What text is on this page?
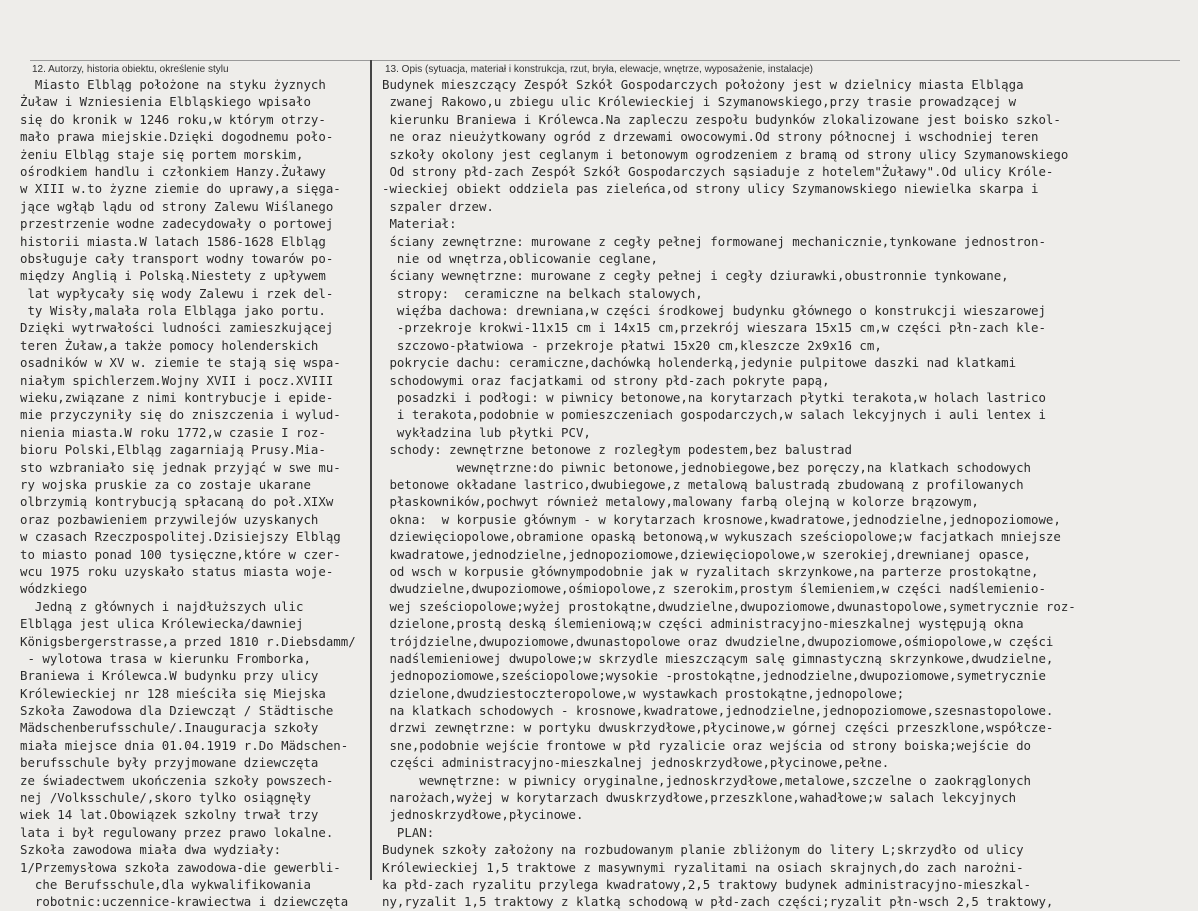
12. Autorzy, historia obiektu, określenie stylu	13. Opis (sytuacja, materiał i konstrukcja, rzut, bryła, elewacje, wnętrze, wyposażenie, instalacje)
Miasto Elbląg położone na styku żyznych
Żuław i Wzniesienia Elbląskiego wpisało
się do kronik w 1246 roku,w którym otrzy-
mało prawa miejskie.Dzięki dogodnemu poło-
żeniu Elbląg staje się portem morskim,
ośrodkiem handlu i członkiem Hanzy.Żuławy
w XIII w.to żyzne ziemie do uprawy,a sięga-
jące wgłąb lądu od strony Zalewu Wiślanego
przestrzenie wodne zadecydowały o portowej
historii miasta.W latach 1586-1628 Elbląg
obsługuje cały transport wodny towarów po-
między Anglią i Polską.Niestety z upływem
lat wypłycały się wody Zalewu i rzek del-
ty Wisły,malała rola Elbląga jako portu.
Dzięki wytrwałości ludności zamieszkującej
teren Żuław,a także pomocy holenderskich
osadników w XV w. ziemie te stają się wspa-
niałym spichlerzem.Wojny XVII i pocz.XVIII
wieku,związane z nimi kontrybucje i epide-
mie przyczyniły się do zniszczenia i wylud-
nienia miasta.W roku 1772,w czasie I roz-
bioru Polski,Elbląg zagarniają Prusy.Mia-
sto wzbraniało się jednak przyjąć w swe mu-
ry wojska pruskie za co zostaje ukarane
olbrzymią kontrybucją spłacaną do poł.XIXw
oraz pozbawieniem przywilejów uzyskanych
w czasach Rzeczpospolitej.Dzisiejszy Elbląg
to miasto ponad 100 tysięczne,które w czer-
wcu 1975 roku uzyskało status miasta woje-
wódzkiego
Jedną z głównych i najdłuższych ulic
Elbląga jest ulica Królewiecka/dawniej
Königsbergerstrasse,a przed 1810 r.Diebsdamm/
- wylotowa trasa w kierunku Fromborka,
Braniewa i Królewca.W budynku przy ulicy
Królewieckiej nr 128 mieściła się Miejska
Szkoła Zawodowa dla Dziewcząt / Städtische
Mädschenberufsschule/.Inauguracja szkoły
miała miejsce dnia 01.04.1919 r.Do Mädschen-
berufsschule były przyjmowane dziewczęta
ze świadectwem ukończenia szkoły powszech-
nej /Volksschule/,skoro tylko osiągnęły
wiek 14 lat.Obowiązek szkolny trwał trzy
lata i był regulowany przez prawo lokalne.
Szkoła zawodowa miała dwa wydziały:
1/Przemysłowa szkoła zawodowa-die gewerbli-
che Berufsschule,dla wykwalifikowania
robotnic:uczennice-krawiectwa i dziewczęta
Budynek mieszczący Zespół Szkół Gospodarczych położony jest w dzielnicy miasta Elbląga
zwanej Rakowo,u zbiegu ulic Królewieckiej i Szymanowskiego,przy trasie prowadzącej w
kierunku Braniewa i Królewca.Na zapleczu zespołu budynków zlokalizowane jest boisko szkol-
ne oraz nieużytkowany ogród z drzewami owocowymi.Od strony północnej i wschodniej teren
szkoły okolony jest ceglanym i betonowym ogrodzeniem z bramą od strony ulicy Szymanowskiego
Od strony płd-zach Zespół Szkół Gospodarczych sąsiaduje z hotelem"Żuławy".Od ulicy Króle-
-wieckiej obiekt oddziela pas zieleńca,od strony ulicy Szymanowskiego niewielka skarpa i
szpaler drzew.
Materiał:
ściany zewnętrzne: murowane z cegły pełnej formowanej mechanicznie,tynkowane jednostron-
nie od wnętrza,oblicowanie ceglane,
ściany wewnętrzne: murowane z cegły pełnej i cegły dziurawki,obustronnie tynkowane,
stropy:  ceramiczne na belkach stalowych,
więźba dachowa: drewniana,w części środkowej budynku głównego o konstrukcji wieszarowej
-przekroje krokwi-11x15 cm i 14x15 cm,przekrój wieszara 15x15 cm,w części płn-zach kle-
szczowo-płatwiowa - przekroje płatwi 15x20 cm,kleszcze 2x9x16 cm,
pokrycie dachu: ceramiczne,dachówką holenderką,jedynie pulpitowe daszki nad klatkami
schodowymi oraz facjatkami od strony płd-zach pokryte papą,
posadzki i podłogi: w piwnicy betonowe,na korytarzach płytki terakota,w holach lastrico
i terakota,podobnie w pomieszczeniach gospodarczych,w salach lekcyjnych i auli lentex i
wykładzina lub płytki PCV,
schody: zewnętrzne betonowe z rozległym podestem,bez balustrad
wewnętrzne:do piwnic betonowe,jednobiegowe,bez poręczy,na klatkach schodowych
betonowe okładane lastrico,dwubiegowe,z metalową balustradą zbudowaną z profilowanych
płaskowników,pochwyt również metalowy,malowany farbą olejną w kolorze brązowym,
okna:  w korpusie głównym - w korytarzach krosnowe,kwadratowe,jednodzielne,jednopoziomowe,
dziewięciopolowe,obramione opaską betonową,w wykuszach sześciopolowe;w facjatkach mniejsze
kwadratowe,jednodzielne,jednopoziomowe,dziewięciopolowe,w szerokiej,drewnianej opasce,
od wsch w korpusie głównympodobnie jak w ryzalitach skrzynkowe,na parterze prostokątne,
dwudzielne,dwupoziomowe,ośmiopolowe,z szerokim,prostym ślemieniem,w części nadślemienio-
wej sześciopolowe;wyżej prostokątne,dwudzielne,dwupoziomowe,dwunastopolowe,symetrycznie roz-
dzielone,prostą deską ślemieniową;w części administracyjno-mieszkalnej występują okna
trójdzielne,dwupoziomowe,dwunastopolowe oraz dwudzielne,dwupoziomowe,ośmiopolowe,w części
nadślemieniowej dwupolowe;w skrzydle mieszczącym salę gimnastyczną skrzynkowe,dwudzielne,
jednopoziomowe,sześciopolowe;wysokie -prostokątne,jednodzielne,dwupoziomowe,symetrycznie
dzielone,dwudziestoczteropolowe,w wystawkach prostokątne,jednopolowe;
na klatkach schodowych - krosnowe,kwadratowe,jednodzielne,jednopoziomowe,szesnastopolowe.
drzwi zewnętrzne: w portyku dwuskrzydłowe,płycinowe,w górnej części przeszklone,współcze-
sne,podobnie wejście frontowe w płd ryzalicie oraz wejścia od strony boiska;wejście do
części administracyjno-mieszkalnej jednoskrzydłowe,płycinowe,pełne.
wewnętrzne: w piwnicy oryginalne,jednoskrzydłowe,metalowe,szczelne o zaokrąglonych
narożach,wyżej w korytarzach dwuskrzydłowe,przeszklone,wahadłowe;w salach lekcyjnych
jednoskrzydłowe,płycinowe.
PLAN:
Budynek szkoły założony na rozbudowanym planie zbliżonym do litery L;skrzydło od ulicy
Królewieckiej 1,5 traktowe z masywnymi ryzalitami na osiach skrajnych,do zach narożni-
ka płd-zach ryzalitu przylega kwadratowy,2,5 traktowy budynek administracyjno-mieszkal-
ny,ryzalit 1,5 traktowy z klatką schodową w płd-zach części;ryzalit płn-wsch 2,5 traktowy,
